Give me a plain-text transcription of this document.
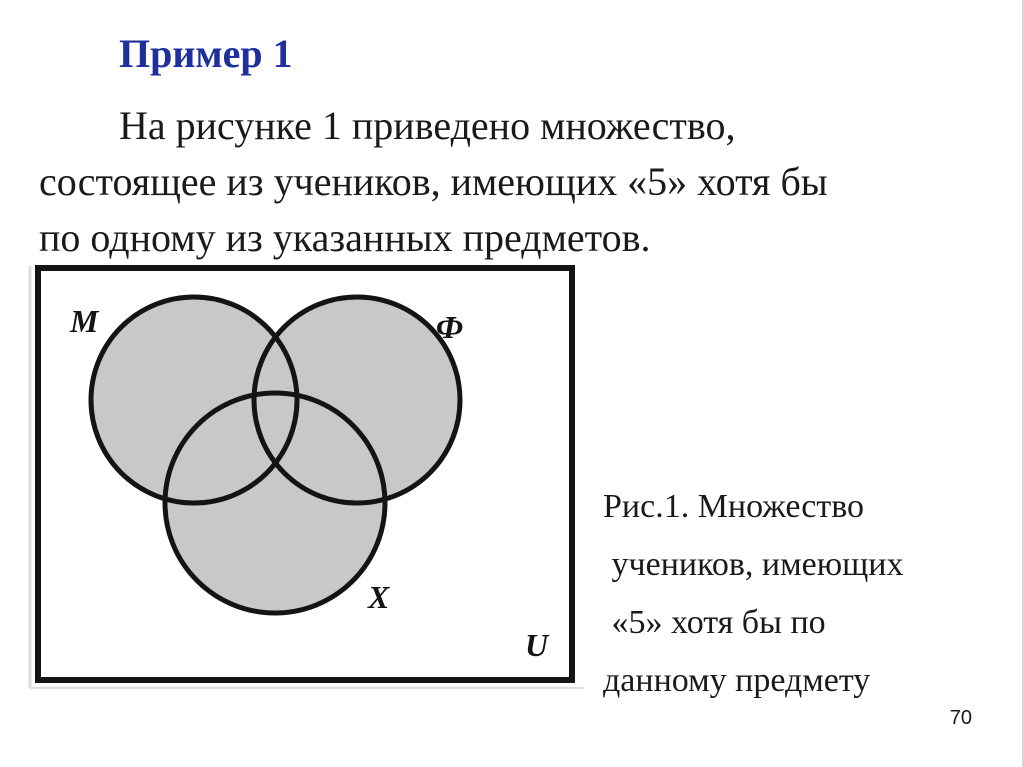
Пример 1

На рисунке 1 приведено множество,
состоящее из учеников, имеющих «5» хотя бы
по одному из указанных предметов.

М	Ф
Х
U

Рис.1. Множество
учеников, имеющих
«5» хотя бы по
данному предмету

70
